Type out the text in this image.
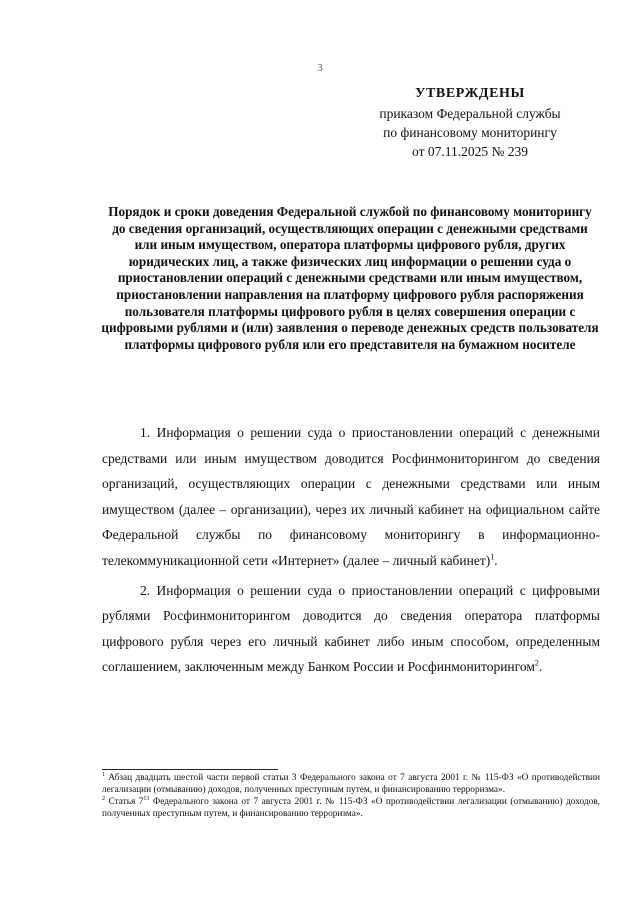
3
УТВЕРЖДЕНЫ
приказом Федеральной службы
по финансовому мониторингу
от 07.11.2025 № 239
Порядок и сроки доведения Федеральной службой по финансовому мониторингу до сведения организаций, осуществляющих операции с денежными средствами или иным имуществом, оператора платформы цифрового рубля, других юридических лиц, а также физических лиц информации о решении суда о приостановлении операций с денежными средствами или иным имуществом, приостановлении направления на платформу цифрового рубля распоряжения пользователя платформы цифрового рубля в целях совершения операции с цифровыми рублями и (или) заявления о переводе денежных средств пользователя платформы цифрового рубля или его представителя на бумажном носителе

1. Информация о решении суда о приостановлении операций с денежными средствами или иным имуществом доводится Росфинмониторингом до сведения организаций, осуществляющих операции с денежными средствами или иным имуществом (далее – организации), через их личный кабинет на официальном сайте Федеральной службы по финансовому мониторингу в информационно-телекоммуникационной сети «Интернет» (далее – личный кабинет)$^1$.

2. Информация о решении суда о приостановлении операций с цифровыми рублями Росфинмониторингом доводится до сведения оператора платформы цифрового рубля через его личный кабинет либо иным способом, определенным соглашением, заключенным между Банком России и Росфинмониторингом$^2$.

$^1$ Абзац двадцать шестой части первой статьи 3 Федерального закона от 7 августа 2001 г. № 115-ФЗ «О противодействии легализации (отмыванию) доходов, полученных преступным путем, и финансированию терроризма».

$^2$ Статья $7^{13}$ Федерального закона от 7 августа 2001 г. № 115-ФЗ «О противодействии легализации (отмыванию) доходов, полученных преступным путем, и финансированию терроризма».
